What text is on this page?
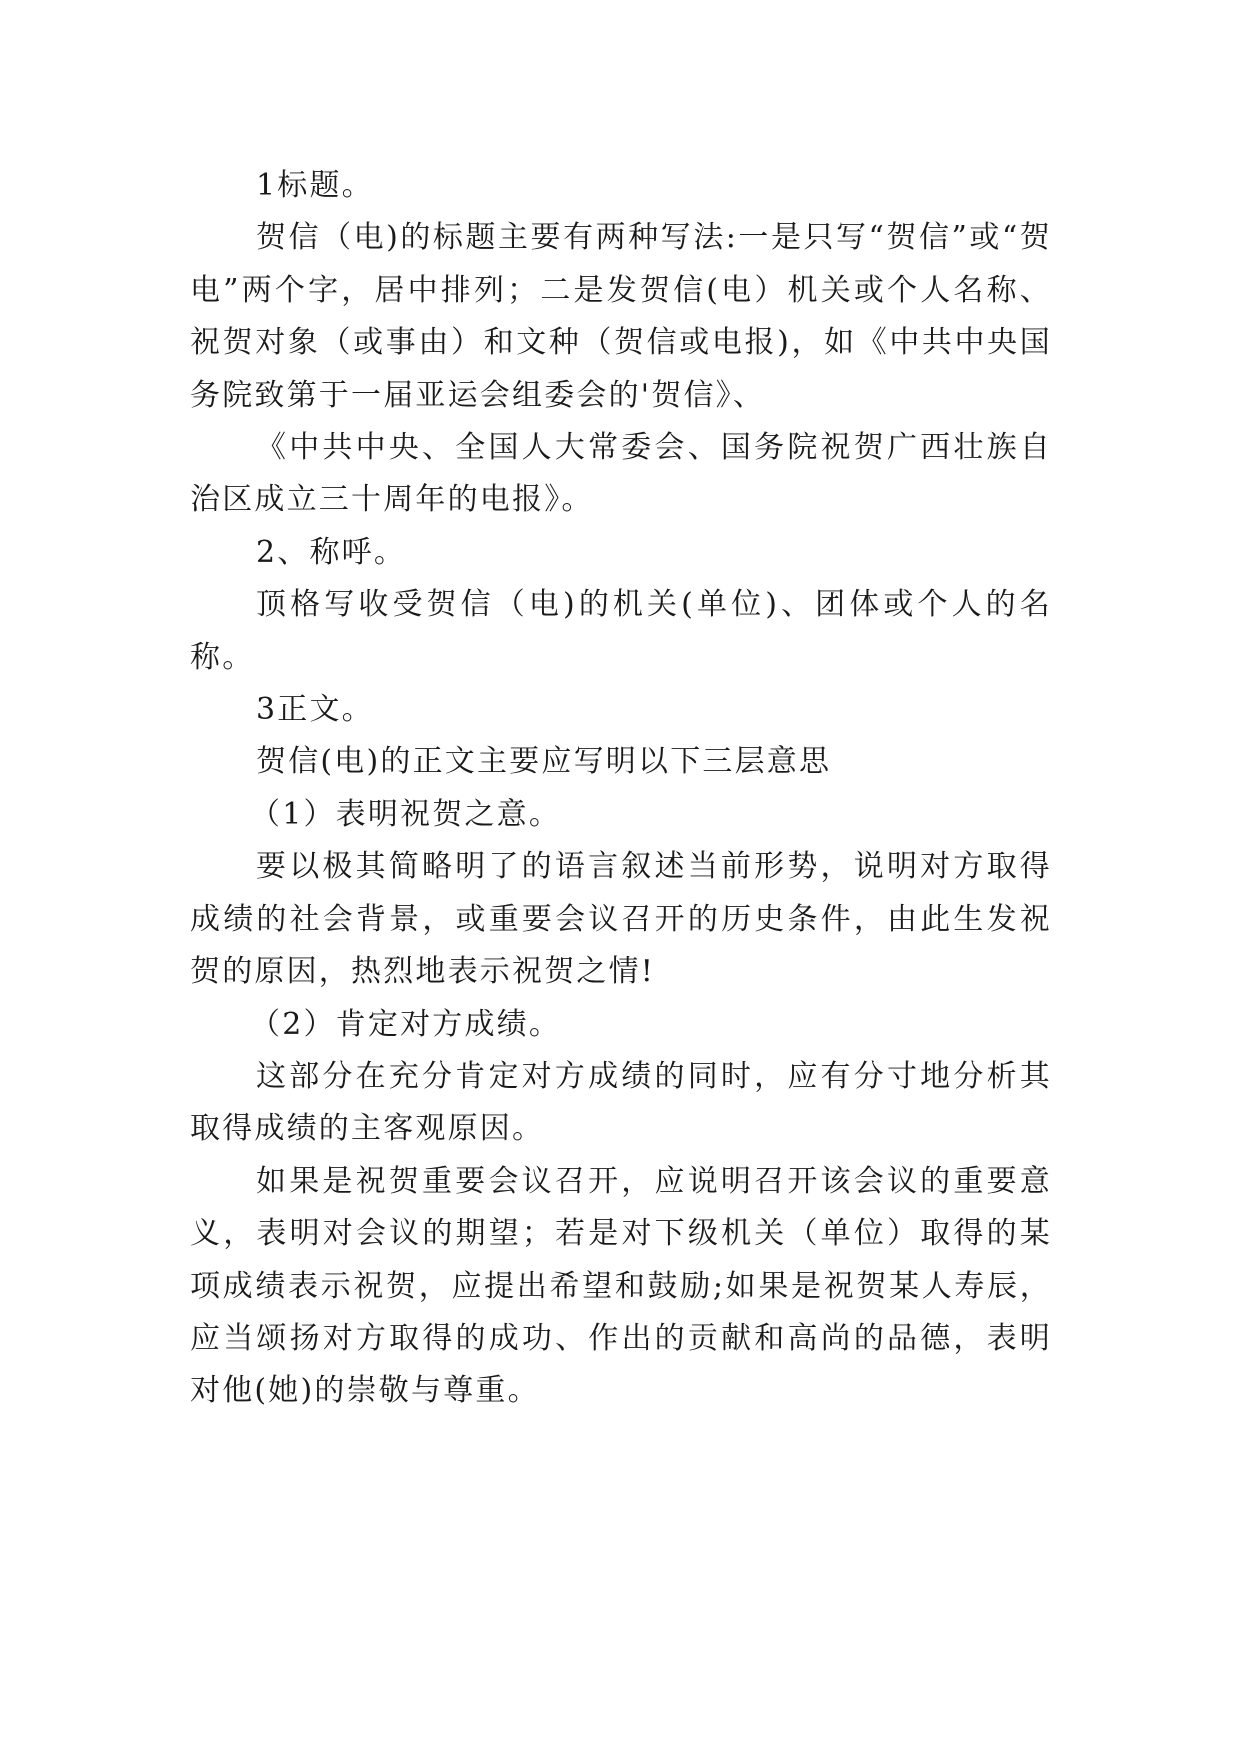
1标题。

贺信（电)的标题主要有两种写法:一是只写“贺信”或“贺电”两个字，居中排列；二是发贺信(电）机关或个人名称、祝贺对象（或事由）和文种（贺信或电报)，如《中共中央国务院致第于一届亚运会组委会的'贺信》、

《中共中央、全国人大常委会、国务院祝贺广西壮族自治区成立三十周年的电报》。

2、称呼。

顶格写收受贺信（电)的机关(单位)、团体或个人的名称。

3正文。

贺信(电)的正文主要应写明以下三层意思

（1）表明祝贺之意。

要以极其简略明了的语言叙述当前形势，说明对方取得成绩的社会背景，或重要会议召开的历史条件，由此生发祝贺的原因，热烈地表示祝贺之情!

（2）肯定对方成绩。

这部分在充分肯定对方成绩的同时，应有分寸地分析其取得成绩的主客观原因。

如果是祝贺重要会议召开，应说明召开该会议的重要意义，表明对会议的期望；若是对下级机关（单位）取得的某项成绩表示祝贺，应提出希望和鼓励;如果是祝贺某人寿辰，应当颂扬对方取得的成功、作出的贡献和高尚的品德，表明对他(她)的崇敬与尊重。
